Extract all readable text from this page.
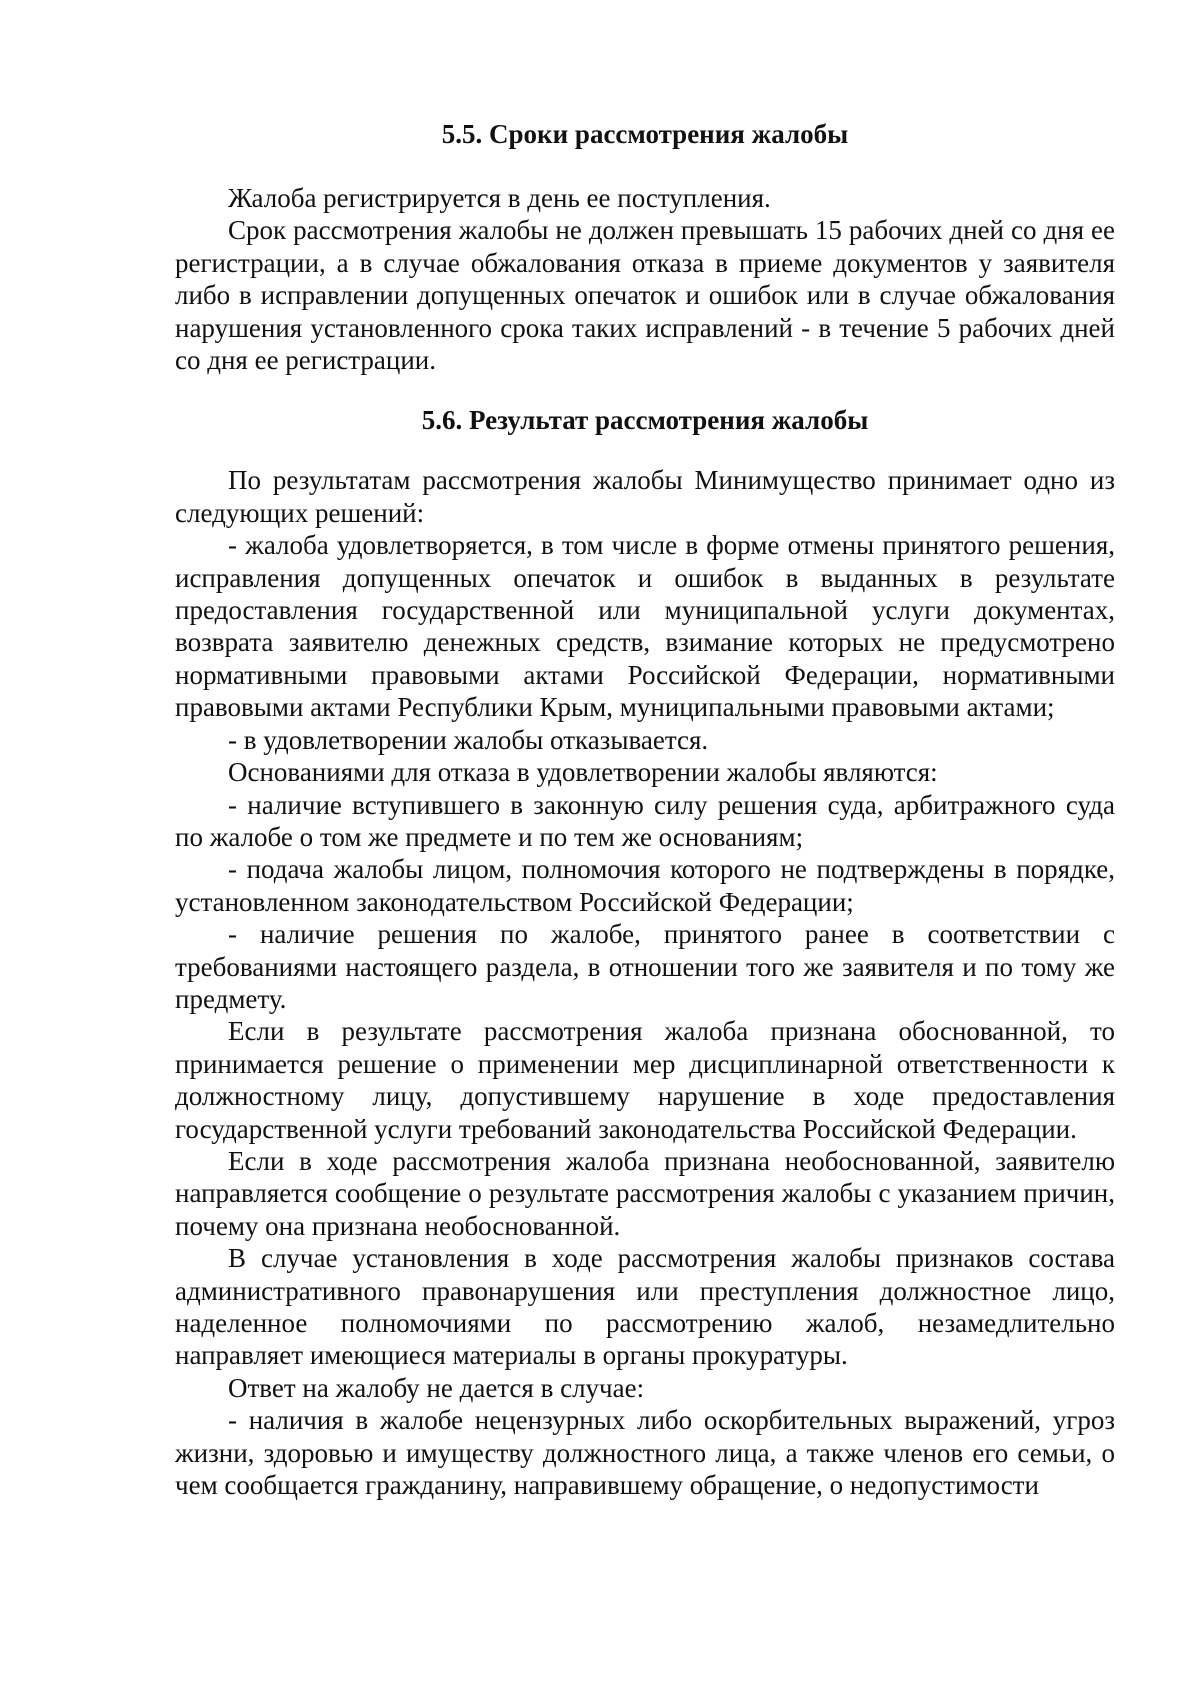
5.5. Сроки рассмотрения жалобы

Жалоба регистрируется в день ее поступления.

Срок рассмотрения жалобы не должен превышать 15 рабочих дней со дня ее регистрации, а в случае обжалования отказа в приеме документов у заявителя либо в исправлении допущенных опечаток и ошибок или в случае обжалования нарушения установленного срока таких исправлений - в течение 5 рабочих дней со дня ее регистрации.

5.6. Результат рассмотрения жалобы

По результатам рассмотрения жалобы Минимущество принимает одно из следующих решений:

- жалоба удовлетворяется, в том числе в форме отмены принятого решения, исправления допущенных опечаток и ошибок в выданных в результате предоставления государственной или муниципальной услуги документах, возврата заявителю денежных средств, взимание которых не предусмотрено нормативными правовыми актами Российской Федерации, нормативными правовыми актами Республики Крым, муниципальными правовыми актами;

- в удовлетворении жалобы отказывается.

Основаниями для отказа в удовлетворении жалобы являются:

- наличие вступившего в законную силу решения суда, арбитражного суда по жалобе о том же предмете и по тем же основаниям;

- подача жалобы лицом, полномочия которого не подтверждены в порядке, установленном законодательством Российской Федерации;

- наличие решения по жалобе, принятого ранее в соответствии с требованиями настоящего раздела, в отношении того же заявителя и по тому же предмету.

Если в результате рассмотрения жалоба признана обоснованной, то принимается решение о применении мер дисциплинарной ответственности к должностному лицу, допустившему нарушение в ходе предоставления государственной услуги требований законодательства Российской Федерации.

Если в ходе рассмотрения жалоба признана необоснованной, заявителю направляется сообщение о результате рассмотрения жалобы с указанием причин, почему она признана необоснованной.

В случае установления в ходе рассмотрения жалобы признаков состава административного правонарушения или преступления должностное лицо, наделенное полномочиями по рассмотрению жалоб, незамедлительно направляет имеющиеся материалы в органы прокуратуры.

Ответ на жалобу не дается в случае:

- наличия в жалобе нецензурных либо оскорбительных выражений, угроз жизни, здоровью и имуществу должностного лица, а также членов его семьи, о чем сообщается гражданину, направившему обращение, о недопустимости
